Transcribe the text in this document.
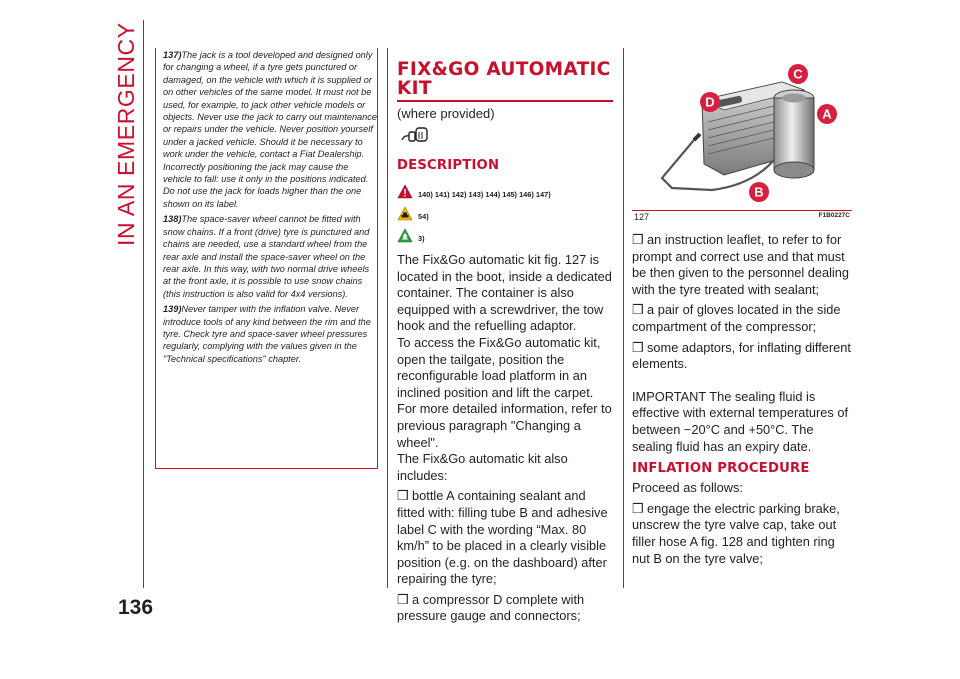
IN AN EMERGENCY
136

137)The jack is a tool developed and designed only for changing a wheel, if a tyre gets punctured or damaged, on the vehicle with which it is supplied or on other vehicles of the same model. It must not be used, for example, to jack other vehicle models or objects. Never use the jack to carry out maintenance or repairs under the vehicle. Never position yourself under a jacked vehicle. Should it be necessary to work under the vehicle, contact a Fiat Dealership. Incorrectly positioning the jack may cause the vehicle to fall: use it only in the positions indicated. Do not use the jack for loads higher than the one shown on its label.

138)The space-saver wheel cannot be fitted with snow chains. If a front (drive) tyre is punctured and chains are needed, use a standard wheel from the rear axle and install the space-saver wheel on the rear axle. In this way, with two normal drive wheels at the front axle, it is possible to use snow chains (this instruction is also valid for 4x4 versions).

139)Never tamper with the inflation valve. Never introduce tools of any kind between the rim and the tyre. Check tyre and space-saver wheel pressures regularly, complying with the values given in the "Technical specifications" chapter.

FIX&GO AUTOMATIC
KIT

(where provided)

DESCRIPTION
140) 141) 142) 143) 144) 145) 146) 147)
54)
3)

The Fix&Go automatic kit fig. 127 is located in the boot, inside a dedicated container. The container is also equipped with a screwdriver, the tow hook and the refuelling adaptor.

To access the Fix&Go automatic kit, open the tailgate, position the reconfigurable load platform in an inclined position and lift the carpet. For more detailed information, refer to previous paragraph "Changing a wheel".

The Fix&Go automatic kit also includes:

❒ bottle A containing sealant and fitted with: filling tube B and adhesive label C with the wording “Max. 80 km/h” to be placed in a clearly visible position (e.g. on the dashboard) after repairing the tyre;

❒ a compressor D complete with pressure gauge and connectors;

C
D
A
B
127	F1B0227C

❒ an instruction leaflet, to refer to for prompt and correct use and that must be then given to the personnel dealing with the tyre treated with sealant;

❒ a pair of gloves located in the side compartment of the compressor;

❒ some adaptors, for inflating different elements.

IMPORTANT The sealing fluid is effective with external temperatures of between −20°C and +50°C. The sealing fluid has an expiry date.

INFLATION PROCEDURE

Proceed as follows:

❒ engage the electric parking brake, unscrew the tyre valve cap, take out filler hose A fig. 128 and tighten ring nut B on the tyre valve;
